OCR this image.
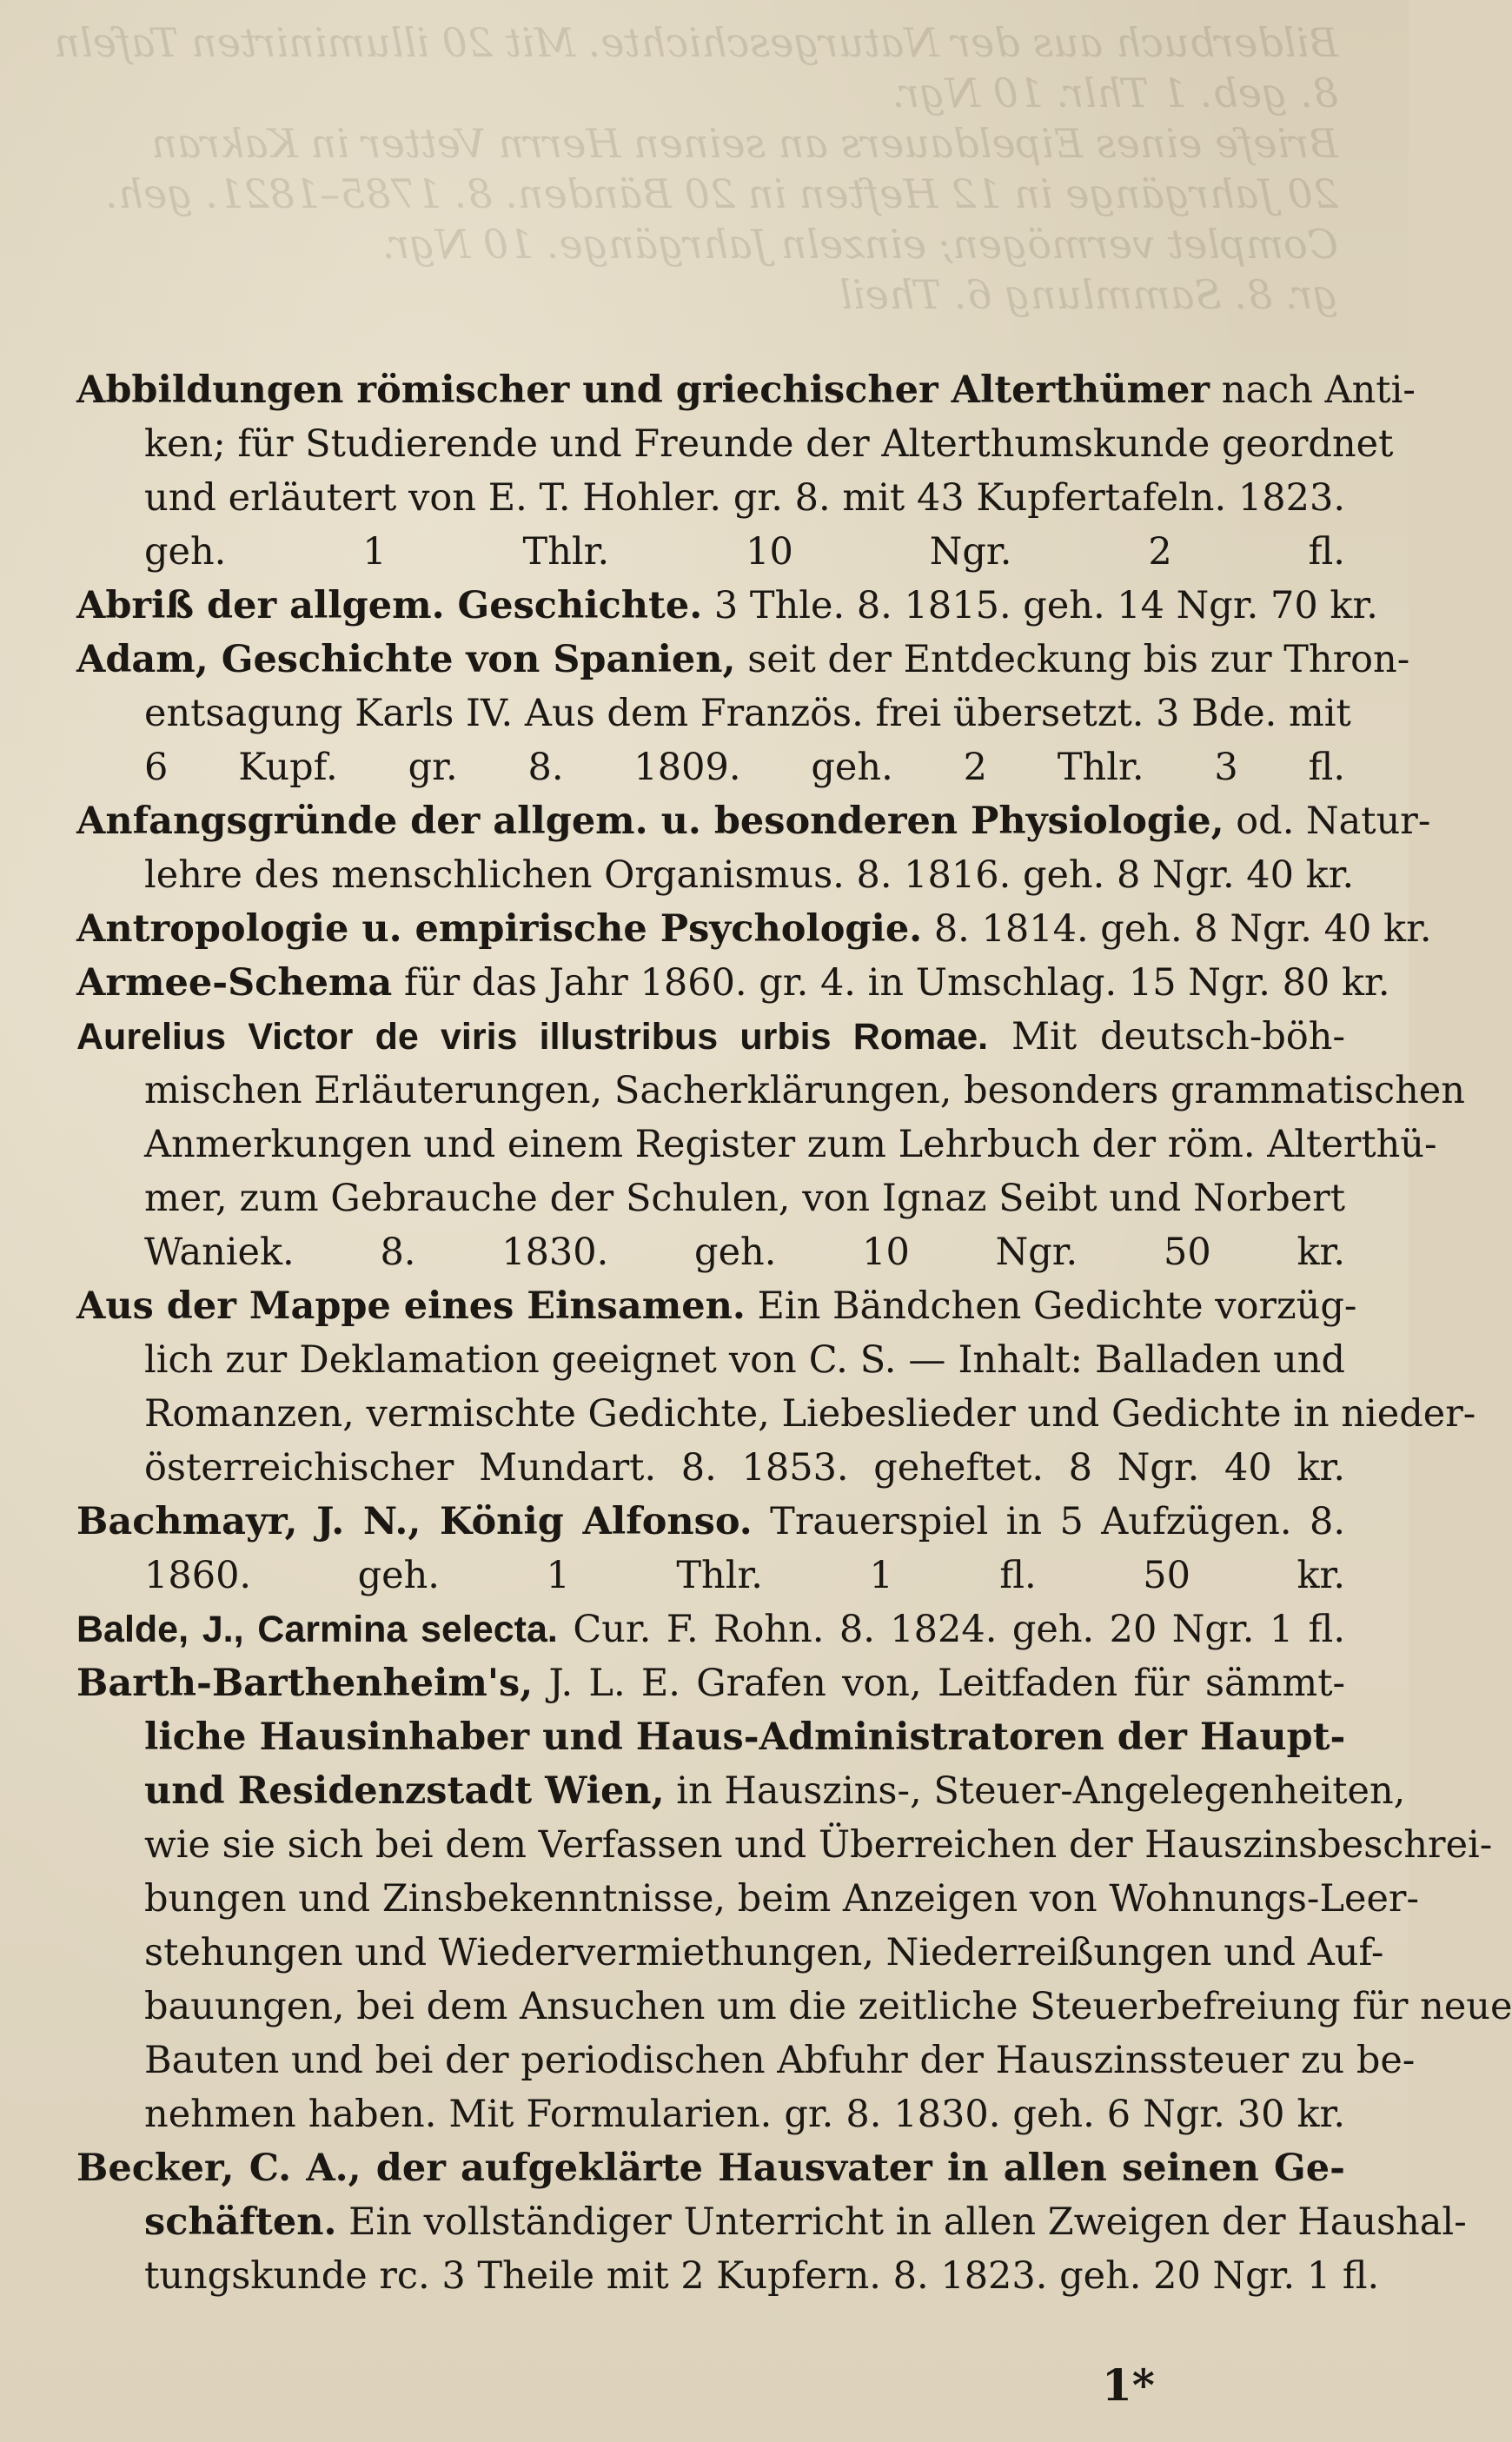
Bilderbuch aus der Naturgeschichte. Mit 20 illuminirten Tafeln
8. geb. 1 Thlr. 10 Ngr.
Briefe eines Eipeldauers an seinen Herrn Vetter in Kakran
20 Jahrgänge in 12 Heften in 20 Bänden. 8. 1785–1821. geh.
Complet vermögen; einzeln Jahrgänge. 10 Ngr.
gr. 8. Sammlung 6. Theil
Abbildungen römischer und griechischer Alterthümer nach Anti-
ken; für Studierende und Freunde der Alterthumskunde geordnet
und erläutert von E. T. Hohler. gr. 8. mit 43 Kupfertafeln. 1823.
geh. 1 Thlr. 10 Ngr.	2 fl.
Abriß der allgem. Geschichte. 3 Thle. 8. 1815. geh. 14 Ngr. 70 kr.
Adam, Geschichte von Spanien, seit der Entdeckung bis zur Thron-
entsagung Karls IV. Aus dem Französ. frei übersetzt. 3 Bde. mit
6 Kupf. gr. 8. 1809. geh. 2 Thlr. 3 fl.
Anfangsgründe der allgem. u. besonderen Physiologie, od. Natur-
lehre des menschlichen Organismus. 8. 1816. geh. 8 Ngr. 40 kr.
Antropologie u. empirische Psychologie. 8. 1814. geh. 8 Ngr. 40 kr.
Armee-Schema für das Jahr 1860. gr. 4. in Umschlag. 15 Ngr. 80 kr.
Aurelius Victor de viris illustribus urbis Romae. Mit deutsch-böh-
mischen Erläuterungen, Sacherklärungen, besonders grammatischen
Anmerkungen und einem Register zum Lehrbuch der röm. Alterthü-
mer, zum Gebrauche der Schulen, von Ignaz Seibt und Norbert
Waniek. 8. 1830. geh. 10 Ngr. 50 kr.
Aus der Mappe eines Einsamen. Ein Bändchen Gedichte vorzüg-
lich zur Deklamation geeignet von C. S. — Inhalt: Balladen und
Romanzen, vermischte Gedichte, Liebeslieder und Gedichte in nieder-
österreichischer Mundart. 8. 1853. geheftet. 8 Ngr. 40 kr.
Bachmayr, J. N., König Alfonso. Trauerspiel in 5 Aufzügen. 8.
1860. geh. 1 Thlr.	1 fl. 50 kr.
Balde, J., Carmina selecta. Cur. F. Rohn. 8. 1824. geh. 20 Ngr. 1 fl.
Barth-Barthenheim's, J. L. E. Grafen von, Leitfaden für sämmt-
liche Hausinhaber und Haus-Administratoren der Haupt-
und Residenzstadt Wien, in Hauszins-, Steuer-Angelegenheiten,
wie sie sich bei dem Verfassen und Überreichen der Hauszinsbeschrei-
bungen und Zinsbekenntnisse, beim Anzeigen von Wohnungs-Leer-
stehungen und Wiedervermiethungen, Niederreißungen und Auf-
bauungen, bei dem Ansuchen um die zeitliche Steuerbefreiung für neue
Bauten und bei der periodischen Abfuhr der Hauszinssteuer zu be-
nehmen haben. Mit Formularien. gr. 8. 1830. geh. 6 Ngr. 30 kr.
Becker, C. A., der aufgeklärte Hausvater in allen seinen Ge-
schäften. Ein vollständiger Unterricht in allen Zweigen der Haushal-
tungskunde rc. 3 Theile mit 2 Kupfern. 8. 1823. geh. 20 Ngr. 1 fl.
1*
